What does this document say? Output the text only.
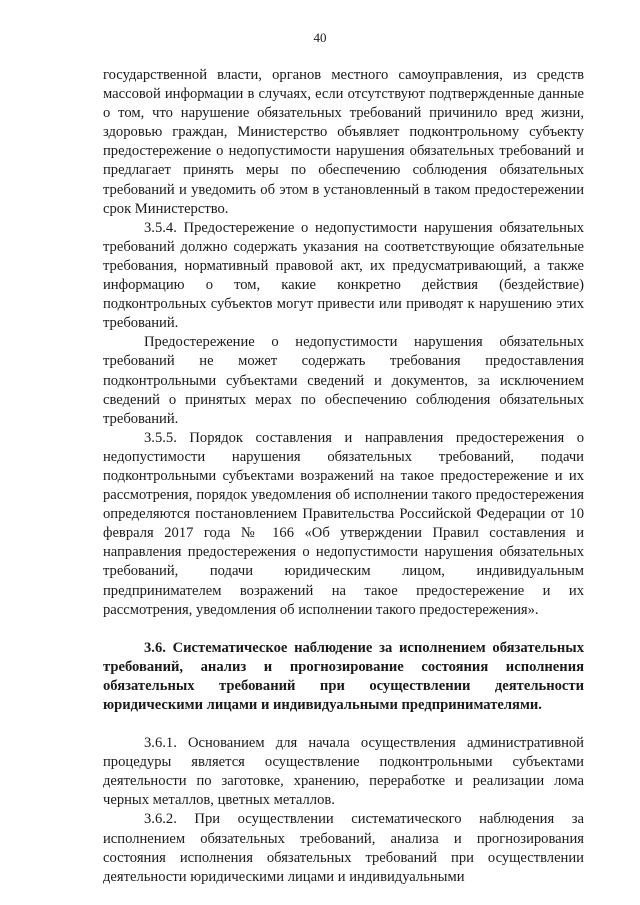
40

государственной власти, органов местного самоуправления, из средств массовой информации в случаях, если отсутствуют подтвержденные данные о том, что нарушение обязательных требований причинило вред жизни, здоровью граждан, Министерство объявляет подконтрольному субъекту предостережение о недопустимости нарушения обязательных требований и предлагает принять меры по обеспечению соблюдения обязательных требований и уведомить об этом в установленный в таком предостережении срок Министерство.

3.5.4. Предостережение о недопустимости нарушения обязательных требований должно содержать указания на соответствующие обязательные требования, нормативный правовой акт, их предусматривающий, а также информацию о том, какие конкретно действия (бездействие) подконтрольных субъектов могут привести или приводят к нарушению этих требований.

Предостережение о недопустимости нарушения обязательных требований не может содержать требования предоставления подконтрольными субъектами сведений и документов, за исключением сведений о принятых мерах по обеспечению соблюдения обязательных требований.

3.5.5. Порядок составления и направления предостережения о недопустимости нарушения обязательных требований, подачи подконтрольными субъектами возражений на такое предостережение и их рассмотрения, порядок уведомления об исполнении такого предостережения определяются постановлением Правительства Российской Федерации от 10 февраля 2017 года № 166 «Об утверждении Правил составления и направления предостережения о недопустимости нарушения обязательных требований, подачи юридическим лицом, индивидуальным предпринимателем возражений на такое предостережение и их рассмотрения, уведомления об исполнении такого предостережения».

3.6. Систематическое наблюдение за исполнением обязательных требований, анализ и прогнозирование состояния исполнения обязательных требований при осуществлении деятельности юридическими лицами и индивидуальными предпринимателями.

3.6.1. Основанием для начала осуществления административной процедуры является осуществление подконтрольными субъектами деятельности по заготовке, хранению, переработке и реализации лома черных металлов, цветных металлов.

3.6.2. При осуществлении систематического наблюдения за исполнением обязательных требований, анализа и прогнозирования состояния исполнения обязательных требований при осуществлении деятельности юридическими лицами и индивидуальными
